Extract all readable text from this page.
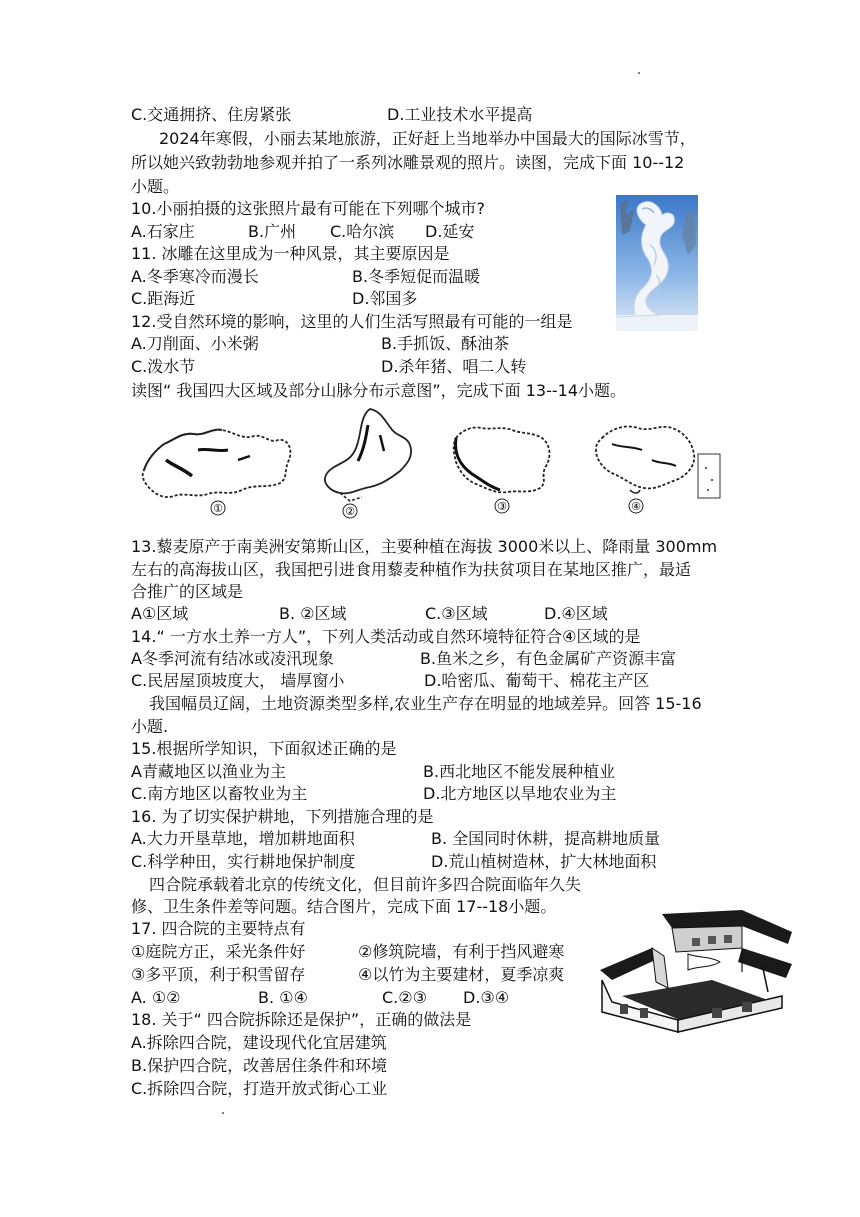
C.交通拥挤、住房紧张	D.工业技术水平提高
2024年寒假，小丽去某地旅游，正好赶上当地举办中国最大的国际冰雪节，
所以她兴致勃勃地参观并拍了一系列冰雕景观的照片。读图，完成下面 10--12
小题。
10.小丽拍摄的这张照片最有可能在下列哪个城市?
A.石家庄	B.广州 C.哈尔滨 D.延安
11. 冰雕在这里成为一种风景，其主要原因是
A.冬季寒冷而漫长	B.冬季短促而温暖
C.距海近	D.邻国多
12.受自然环境的影响，这里的人们生活写照最有可能的一组是
A.刀削面、小米粥	B.手抓饭、酥油茶
C.泼水节	D.杀年猪、唱二人转
读图“ 我国四大区域及部分山脉分布示意图”，完成下面 13--14小题。
①	②	③	④
13.藜麦原产于南美洲安第斯山区，主要种植在海拔 3000米以上、降雨量 300mm
左右的高海拔山区，我国把引进食用藜麦种植作为扶贫项目在某地区推广，最适
合推广的区域是
A①区域	B. ②区域	C.③区域	D.④区域
14.“ 一方水土养一方人”，下列人类活动或自然环境特征符合④区域的是
A冬季河流有结冰或凌汛现象	B.鱼米之乡，有色金属矿产资源丰富
C.民居屋顶坡度大， 墙厚窗小	D.哈密瓜、葡萄干、棉花主产区
我国幅员辽阔，土地资源类型多样,农业生产存在明显的地域差异。回答 15-16
小题.
15.根据所学知识，下面叙述正确的是
A青藏地区以渔业为主	B.西北地区不能发展种植业
C.南方地区以畜牧业为主	D.北方地区以旱地农业为主
16. 为了切实保护耕地，下列措施合理的是
A.大力开垦草地，增加耕地面积	B. 全国同时休耕，提高耕地质量
C.科学种田，实行耕地保护制度	D.荒山植树造林，扩大林地面积
四合院承载着北京的传统文化，但目前许多四合院面临年久失
修、卫生条件差等问题。结合图片，完成下面 17--18小题。
17. 四合院的主要特点有
①庭院方正，采光条件好	②修筑院墙，有利于挡风避寒
③多平顶，利于积雪留存	④以竹为主要建材，夏季凉爽
A. ①②	B. ①④	C.②③ D.③④
18. 关于“ 四合院拆除还是保护”，正确的做法是
A.拆除四合院，建设现代化宜居建筑
B.保护四合院，改善居住条件和环境
C.拆除四合院，打造开放式街心工业
